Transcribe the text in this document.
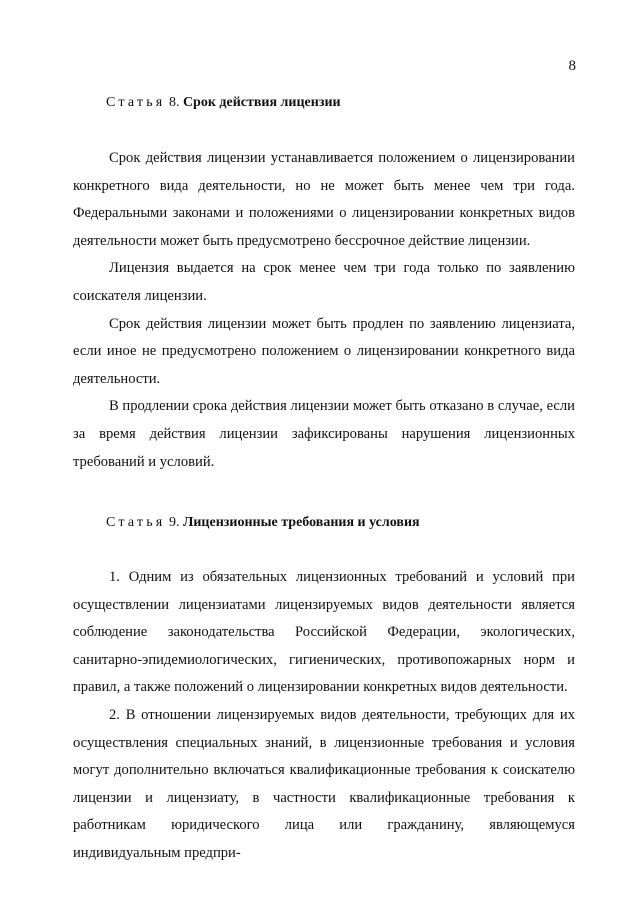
8
Статья 8. Срок действия лицензии

Срок действия лицензии устанавливается положением о лицензировании конкретного вида деятельности, но не может быть менее чем три года. Федеральными законами и положениями о лицензировании конкретных видов деятельности может быть предусмотрено бессрочное действие лицензии.

Лицензия выдается на срок менее чем три года только по заявлению соискателя лицензии.

Срок действия лицензии может быть продлен по заявлению лицензиата, если иное не предусмотрено положением о лицензировании конкретного вида деятельности.

В продлении срока действия лицензии может быть отказано в случае, если за время действия лицензии зафиксированы нарушения лицензионных требований и условий.

Статья 9. Лицензионные требования и условия

1. Одним из обязательных лицензионных требований и условий при осуществлении лицензиатами лицензируемых видов деятельности является соблюдение законодательства Российской Федерации, экологических, санитарно-эпидемиологических, гигиенических, противопожарных норм и правил, а также положений о лицензировании конкретных видов деятельности.

2. В отношении лицензируемых видов деятельности, требующих для их осуществления специальных знаний, в лицензионные требования и условия могут дополнительно включаться квалификационные требования к соискателю лицензии и лицензиату, в частности квалификационные требования к работникам юридического лица или гражданину, являющемуся индивидуальным предпри-
